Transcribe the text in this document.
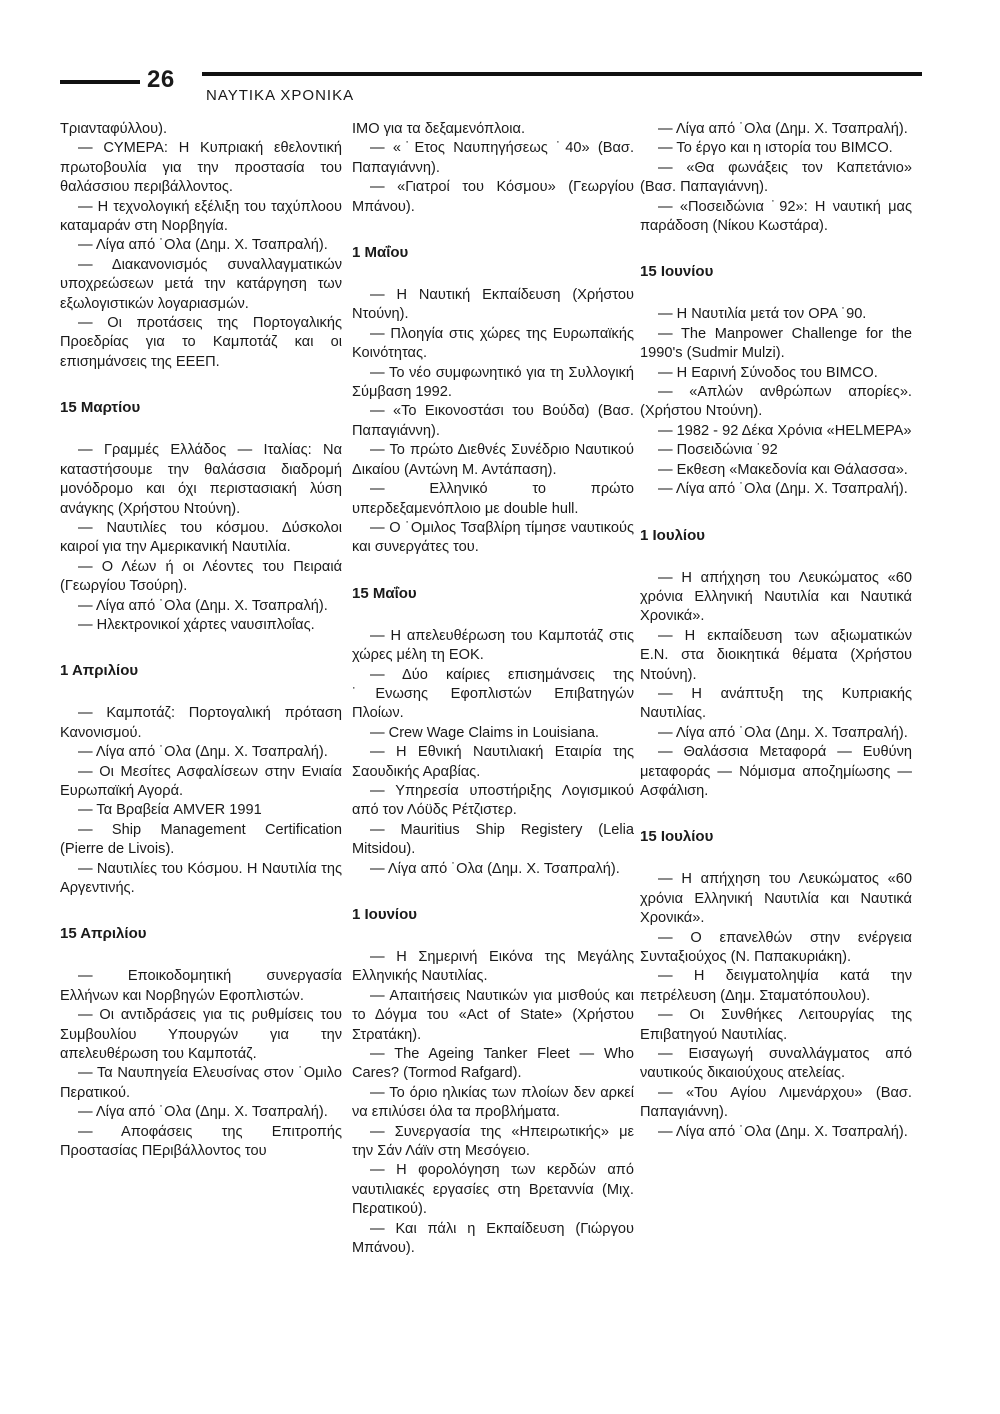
26
ΝΑΥΤΙΚΑ ΧΡΟΝΙΚΑ

Τριανταφύλλου).

— CYMEPA: H Κυπριακή εθελοντική πρωτοβουλία για την προστασία του θαλάσσιου περιβάλλοντος.

— Η τεχνολογική εξέλιξη του ταχύπλοου καταμαράν στη Νορβηγία.

— Λίγα από ˙Ολα (Δημ. Χ. Τσαπραλή).

— Διακανονισμός συναλλαγματικών υποχρεώσεων μετά την κατάργηση των εξωλογιστικών λογαριασμών.

— Οι προτάσεις της Πορτογαλικής Προεδρίας για το Καμποτάζ και οι επισημάνσεις της ΕΕΕΠ.

15 Μαρτίου

— Γραμμές Ελλάδος — Ιταλίας: Να καταστήσουμε την θαλάσσια διαδρομή μονόδρομο και όχι περιστασιακή λύση ανάγκης (Χρήστου Ντούνη).

— Ναυτιλίες του κόσμου. Δύσκολοι καιροί για την Αμερικανική Ναυτιλία.

— Ο Λέων ή οι Λέοντες του Πειραιά (Γεωργίου Τσούρη).

— Λίγα από ˙Ολα (Δημ. Χ. Τσαπραλή).

— Ηλεκτρονικοί χάρτες ναυσιπλοΐας.

1 Απριλίου

— Καμποτάζ: Πορτογαλική πρόταση Κανονισμού.

— Λίγα από ˙Ολα (Δημ. Χ. Τσαπραλή).

— Οι Μεσίτες Ασφαλίσεων στην Ενιαία Ευρωπαϊκή Αγορά.

— Τα Βραβεία AMVER 1991

— Ship Management Certification (Pierre de Livois).

— Ναυτιλίες του Κόσμου. Η Ναυτιλία της Αργεντινής.

15 Απριλίου

— Εποικοδομητική συνεργασία Ελλήνων και Νορβηγών Εφοπλιστών.

— Οι αντιδράσεις για τις ρυθμίσεις του Συμβουλίου Υπουργών για την απελευθέρωση του Καμποτάζ.

— Τα Ναυπηγεία Ελευσίνας στον ˙Ομιλο Περατικού.

— Λίγα από ˙Ολα (Δημ. Χ. Τσαπραλή).

— Αποφάσεις της Επιτροπής Προστασίας ΠΕριβάλλοντος του

IMO για τα δεξαμενόπλοια.

— «˙Ετος Ναυπηγήσεως ˙40» (Βασ. Παπαγιάννη).

— «Γιατροί του Κόσμου» (Γεωργίου Μπάνου).

1 Μαΐου

— Η Ναυτική Εκπαίδευση (Χρήστου Ντούνη).

— Πλοηγία στις χώρες της Ευρωπαϊκής Κοινότητας.

— Το νέο συμφωνητικό για τη Συλλογική Σύμβαση 1992.

— «Το Εικονοστάσι του Βούδα) (Βασ. Παπαγιάννη).

— Το πρώτο Διεθνές Συνέδριο Ναυτικού Δικαίου (Αντώνη Μ. Αντάπαση).

— Ελληνικό το πρώτο υπερδεξαμενόπλοιο με double hull.

— Ο ˙Ομιλος Τσαβλίρη τίμησε ναυτικούς και συνεργάτες του.

15 Μαΐου

— Η απελευθέρωση του Καμποτάζ στις χώρες μέλη τη ΕΟΚ.

— Δύο καίριες επισημάνσεις της ˙Ενωσης Εφοπλιστών Επιβατηγών Πλοίων.

— Crew Wage Claims in Louisiana.

— Η Εθνική Ναυτιλιακή Εταιρία της Σαουδικής Αραβίας.

— Υπηρεσία υποστήριξης Λογισμικού από τον Λόϋδς Ρέτζιστερ.

— Mauritius Ship Registery (Lelia Mitsidou).

— Λίγα από ˙Ολα (Δημ. Χ. Τσαπραλή).

1 Ιουνίου

— Η Σημερινή Εικόνα της Μεγάλης Ελληνικής Ναυτιλίας.

— Απαιτήσεις Ναυτικών για μισθούς και το Δόγμα του «Act of State» (Χρήστου Στρατάκη).

— The Ageing Tanker Fleet — Who Cares? (Tormod Rafgard).

— Το όριο ηλικίας των πλοίων δεν αρκεί να επιλύσει όλα τα προβλήματα.

— Συνεργασία της «Ηπειρωτικής» με την Σάν Λάϊν στη Μεσόγειο.

— Η φορολόγηση των κερδών από ναυτιλιακές εργασίες στη Βρεταννία (Μιχ. Περατικού).

— Και πάλι η Εκπαίδευση (Γιώργου Μπάνου).

— Λίγα από ˙Ολα (Δημ. Χ. Τσαπραλή).

— Το έργο και η ιστορία του BIMCO.

— «Θα φωνάξεις τον Καπετάνιο» (Βασ. Παπαγιάννη).

— «Ποσειδώνια ˙92»: Η ναυτική μας παράδοση (Νίκου Κωστάρα).

15 Ιουνίου

— Η Ναυτιλία μετά τον ΟΡΑ ˙90.

— The Manpower Challenge for the 1990's (Sudmir Mulzi).

— Η Εαρινή Σύνοδος του BIMCO.

— «Απλών ανθρώπων απορίες». (Χρήστου Ντούνη).

— 1982 - 92 Δέκα Χρόνια «HELMEPA»

— Ποσειδώνια ˙92

— Εκθεση «Μακεδονία και Θάλασσα».

— Λίγα από ˙Ολα (Δημ. Χ. Τσαπραλή).

1 Ιουλίου

— Η απήχηση του Λευκώματος «60 χρόνια Ελληνική Ναυτιλία και Ναυτικά Χρονικά».

— Η εκπαίδευση των αξιωματικών Ε.Ν. στα διοικητικά θέματα (Χρήστου Ντούνη).

— Η ανάπτυξη της Κυπριακής Ναυτιλίας.

— Λίγα από ˙Ολα (Δημ. Χ. Τσαπραλή).

— Θαλάσσια Μεταφορά — Ευθύνη μεταφοράς — Νόμισμα αποζημίωσης — Ασφάλιση.

15 Ιουλίου

— Η απήχηση του Λευκώματος «60 χρόνια Ελληνική Ναυτιλία και Ναυτικά Χρονικά».

— Ο επανελθών στην ενέργεια Συνταξιούχος (Ν. Παπακυριάκη).

— Η δειγματοληψία κατά την πετρέλευση (Δημ. Σταματόπουλου).

— Οι Συνθήκες Λειτουργίας της Επιβατηγού Ναυτιλίας.

— Εισαγωγή συναλλάγματος από ναυτικούς δικαιούχους ατελείας.

— «Του Αγίου Λιμενάρχου» (Βασ. Παπαγιάννη).

— Λίγα από ˙Ολα (Δημ. Χ. Τσαπραλή).
